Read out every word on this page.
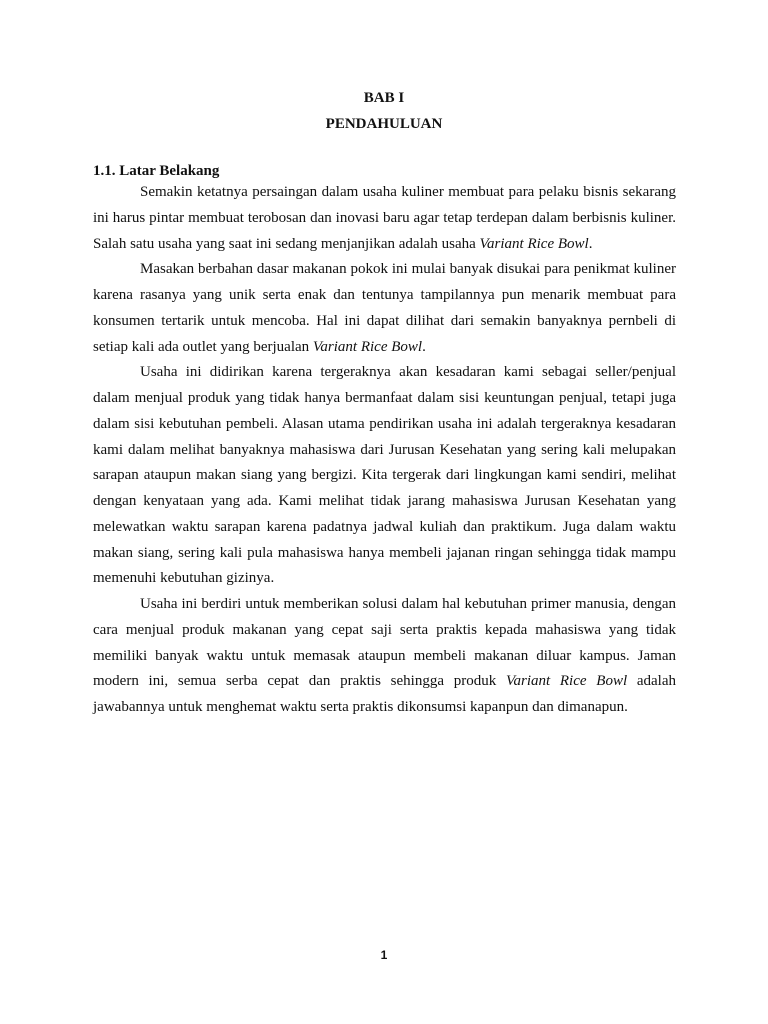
BAB I
PENDAHULUAN
1.1. Latar Belakang

Semakin ketatnya persaingan dalam usaha kuliner membuat para pelaku bisnis sekarang ini harus pintar membuat terobosan dan inovasi baru agar tetap terdepan dalam berbisnis kuliner. Salah satu usaha yang saat ini sedang menjanjikan adalah usaha Variant Rice Bowl.

Masakan berbahan dasar makanan pokok ini mulai banyak disukai para penikmat kuliner karena rasanya yang unik serta enak dan tentunya tampilannya pun menarik membuat para konsumen tertarik untuk mencoba. Hal ini dapat dilihat dari semakin banyaknya pernbeli di setiap kali ada outlet yang berjualan Variant Rice Bowl.

Usaha ini didirikan karena tergeraknya akan kesadaran kami sebagai seller/penjual dalam menjual produk yang tidak hanya bermanfaat dalam sisi keuntungan penjual, tetapi juga dalam sisi kebutuhan pembeli. Alasan utama pendirikan usaha ini adalah tergeraknya kesadaran kami dalam melihat banyaknya mahasiswa dari Jurusan Kesehatan yang sering kali melupakan sarapan ataupun makan siang yang bergizi. Kita tergerak dari lingkungan kami sendiri, melihat dengan kenyataan yang ada. Kami melihat tidak jarang mahasiswa Jurusan Kesehatan yang melewatkan waktu sarapan karena padatnya jadwal kuliah dan praktikum. Juga dalam waktu makan siang, sering kali pula mahasiswa hanya membeli jajanan ringan sehingga tidak mampu memenuhi kebutuhan gizinya.

Usaha ini berdiri untuk memberikan solusi dalam hal kebutuhan primer manusia, dengan cara menjual produk makanan yang cepat saji serta praktis kepada mahasiswa yang tidak memiliki banyak waktu untuk memasak ataupun membeli makanan diluar kampus. Jaman modern ini, semua serba cepat dan praktis sehingga produk Variant Rice Bowl adalah jawabannya untuk menghemat waktu serta praktis dikonsumsi kapanpun dan dimanapun.

1
